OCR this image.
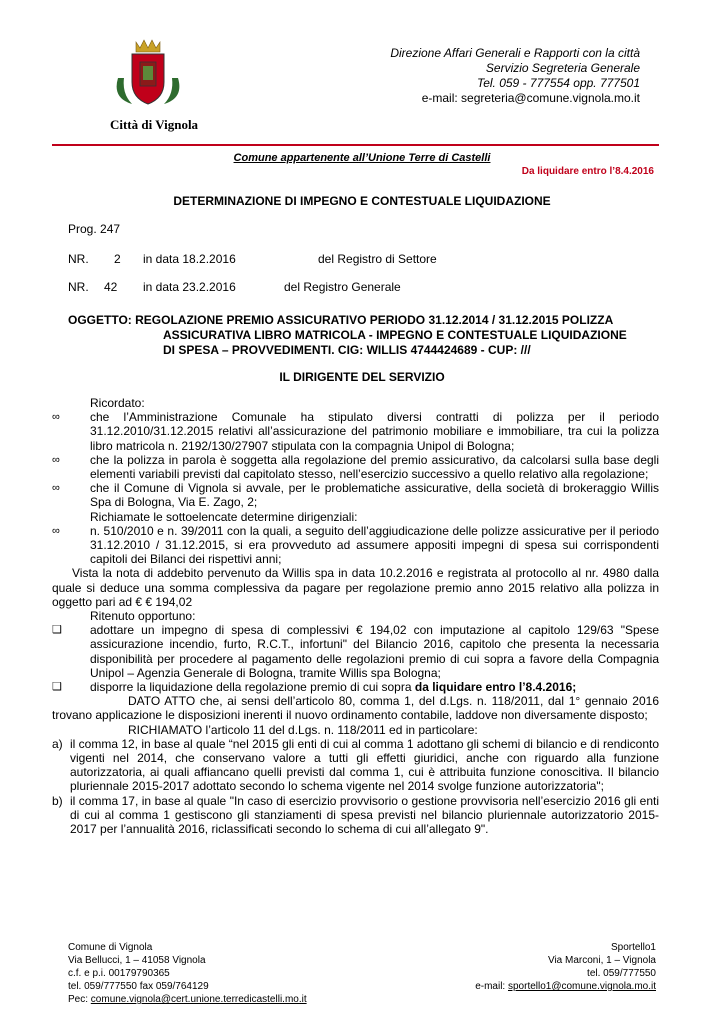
Città di Vignola
Direzione Affari Generali e Rapporti con la città
Servizio Segreteria Generale
Tel. 059 - 777554 opp. 777501
e-mail: segreteria@comune.vignola.mo.it
Comune appartenente all’Unione Terre di Castelli
Da liquidare entro l’8.4.2016
DETERMINAZIONE DI IMPEGNO E CONTESTUALE LIQUIDAZIONE
Prog. 247
NR. 2 in data 18.2.2016	del Registro di Settore
NR. 42 in data 23.2.2016	del Registro Generale
OGGETTO: REGOLAZIONE PREMIO ASSICURATIVO PERIODO 31.12.2014 / 31.12.2015 POLIZZA
ASSICURATIVA LIBRO MATRICOLA - IMPEGNO E CONTESTUALE LIQUIDAZIONE
DI SPESA – PROVVEDIMENTI. CIG: WILLIS 4744424689 - CUP: ///
IL DIRIGENTE DEL SERVIZIO

Ricordato:

∞	che l’Amministrazione Comunale ha stipulato diversi contratti di polizza per il periodo 31.12.2010/31.12.2015 relativi all’assicurazione del patrimonio mobiliare e immobiliare, tra cui la polizza libro matricola n. 2192/130/27907 stipulata con la compagnia Unipol di Bologna;
∞	che la polizza in parola è soggetta alla regolazione del premio assicurativo, da calcolarsi sulla base degli elementi variabili previsti dal capitolato stesso, nell’esercizio successivo a quello relativo alla regolazione;
∞	che il Comune di Vignola si avvale, per le problematiche assicurative, della società di brokeraggio Willis Spa di Bologna, Via E. Zago, 2;

Richiamate le sottoelencate determine dirigenziali:

∞	n. 510/2010 e n. 39/2011 con la quali, a seguito dell’aggiudicazione delle polizze assicurative per il periodo 31.12.2010 / 31.12.2015, si era provveduto ad assumere appositi impegni di spesa sui corrispondenti capitoli dei Bilanci dei rispettivi anni;

Vista la nota di addebito pervenuto da Willis spa in data 10.2.2016 e registrata al protocollo al nr. 4980 dalla quale si deduce una somma complessiva da pagare per regolazione premio anno 2015 relativo alla polizza in oggetto pari ad € € 194,02

Ritenuto opportuno:

❑ adottare un impegno di spesa di complessivi € 194,02 con imputazione al capitolo 129/63 "Spese assicurazione incendio, furto, R.C.T., infortuni" del Bilancio 2016, capitolo che presenta la necessaria disponibilità per procedere al pagamento delle regolazioni premio di cui sopra a favore della Compagnia Unipol – Agenzia Generale di Bologna, tramite Willis spa Bologna;
❑ disporre la liquidazione della regolazione premio di cui sopra da liquidare entro l’8.4.2016;

DATO ATTO che, ai sensi dell’articolo 80, comma 1, del d.Lgs. n. 118/2011, dal 1° gennaio 2016 trovano applicazione le disposizioni inerenti il nuovo ordinamento contabile, laddove non diversamente disposto;

RICHIAMATO l’articolo 11 del d.Lgs. n. 118/2011 ed in particolare:

a) il comma 12, in base al quale “nel 2015 gli enti di cui al comma 1 adottano gli schemi di bilancio e di rendiconto vigenti nel 2014, che conservano valore a tutti gli effetti giuridici, anche con riguardo alla funzione autorizzatoria, ai quali affiancano quelli previsti dal comma 1, cui è attribuita funzione conoscitiva. Il bilancio pluriennale 2015-2017 adottato secondo lo schema vigente nel 2014 svolge funzione autorizzatoria";
b) il comma 17, in base al quale "In caso di esercizio provvisorio o gestione provvisoria nell’esercizio 2016 gli enti di cui al comma 1 gestiscono gli stanziamenti di spesa previsti nel bilancio pluriennale autorizzatorio 2015-2017 per l’annualità 2016, riclassificati secondo lo schema di cui all’allegato 9".
Comune di Vignola
Via Bellucci, 1 – 41058 Vignola
c.f. e p.i. 00179790365
tel. 059/777550 fax 059/764129
Pec: comune.vignola@cert.unione.terredicastelli.mo.it
Sportello1
Via Marconi, 1 – Vignola
tel. 059/777550
e-mail: sportello1@comune.vignola.mo.it
